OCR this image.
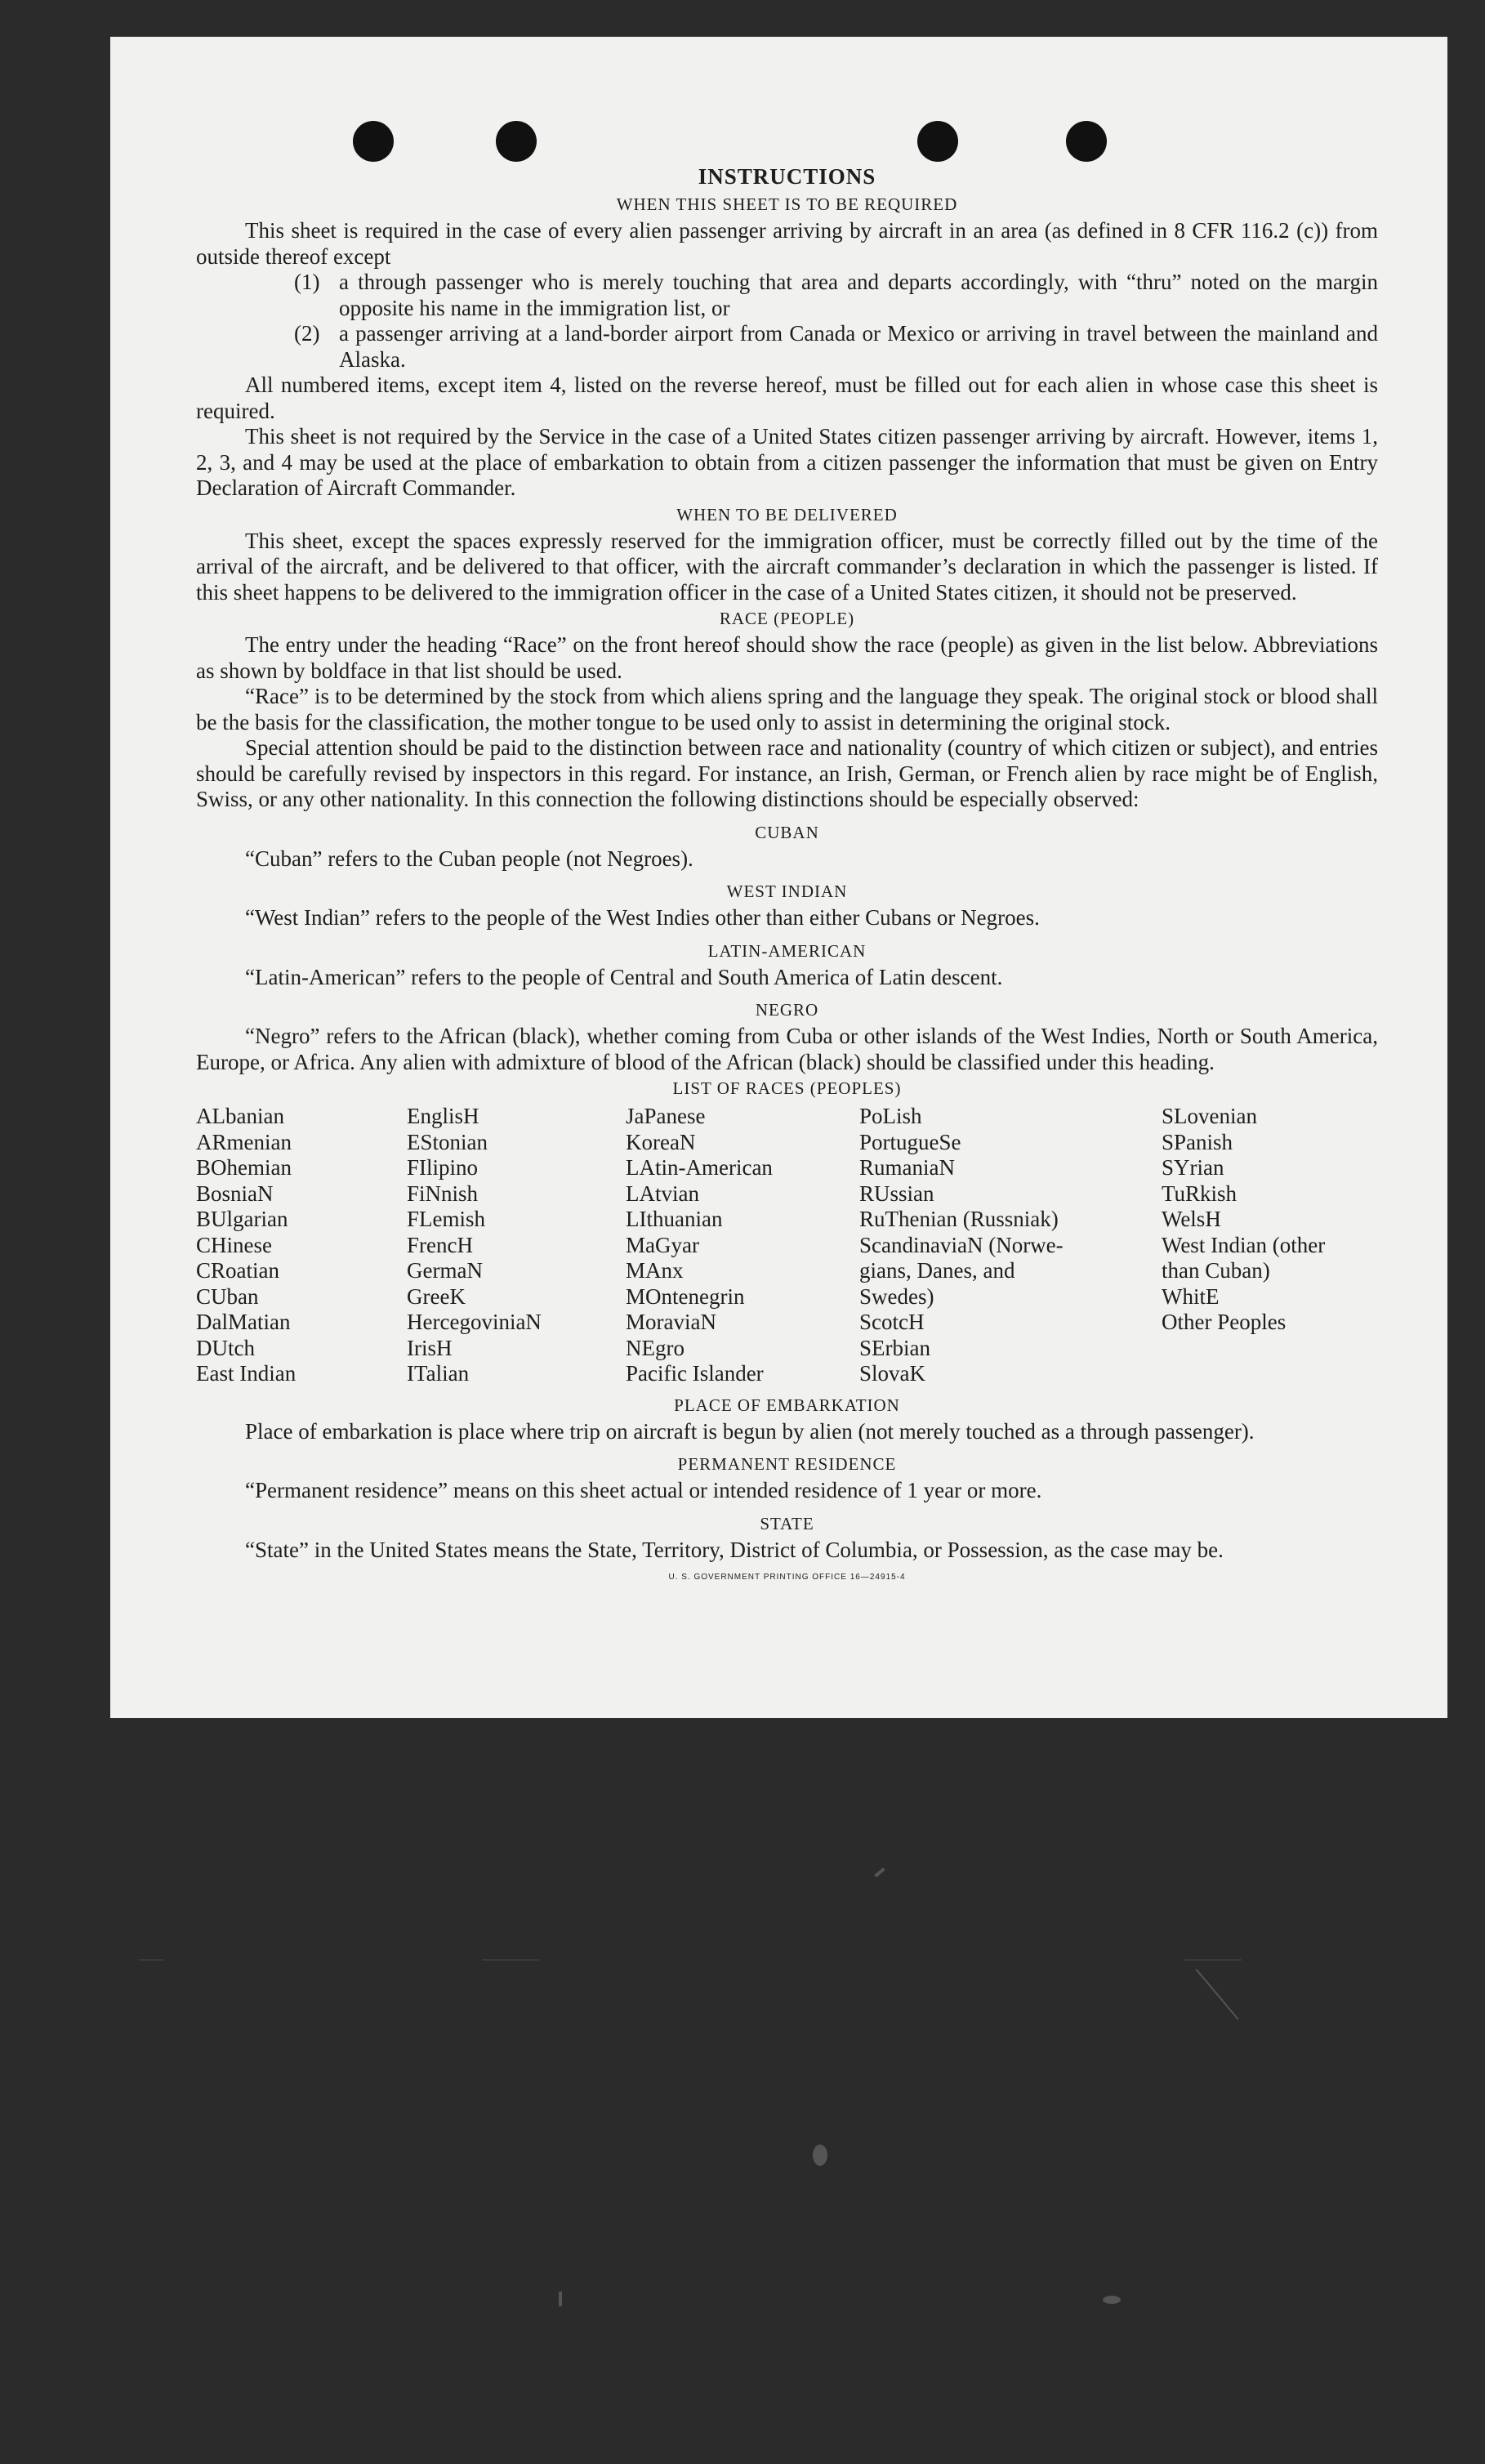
INSTRUCTIONS
WHEN THIS SHEET IS TO BE REQUIRED

This sheet is required in the case of every alien passenger arriving by aircraft in an area (as defined in 8 CFR 116.2 (c)) from outside thereof except

(1) a through passenger who is merely touching that area and departs accordingly, with “thru” noted on the margin opposite his name in the immigration list, or
(2) a passenger arriving at a land-border airport from Canada or Mexico or arriving in travel between the mainland and Alaska.

All numbered items, except item 4, listed on the reverse hereof, must be filled out for each alien in whose case this sheet is required.

This sheet is not required by the Service in the case of a United States citizen passenger arriving by aircraft. However, items 1, 2, 3, and 4 may be used at the place of embarkation to obtain from a citizen passenger the information that must be given on Entry Declaration of Aircraft Commander.

WHEN TO BE DELIVERED

This sheet, except the spaces expressly reserved for the immigration officer, must be correctly filled out by the time of the arrival of the aircraft, and be delivered to that officer, with the aircraft commander’s declaration in which the passenger is listed. If this sheet happens to be delivered to the immigration officer in the case of a United States citizen, it should not be preserved.

RACE (PEOPLE)

The entry under the heading “Race” on the front hereof should show the race (people) as given in the list below. Abbreviations as shown by boldface in that list should be used.

“Race” is to be determined by the stock from which aliens spring and the language they speak. The original stock or blood shall be the basis for the classification, the mother tongue to be used only to assist in determining the original stock.

Special attention should be paid to the distinction between race and nationality (country of which citizen or subject), and entries should be carefully revised by inspectors in this regard. For instance, an Irish, German, or French alien by race might be of English, Swiss, or any other nationality. In this connection the following distinctions should be especially observed:

CUBAN

“Cuban” refers to the Cuban people (not Negroes).

WEST INDIAN

“West Indian” refers to the people of the West Indies other than either Cubans or Negroes.

LATIN-AMERICAN

“Latin-American” refers to the people of Central and South America of Latin descent.

NEGRO

“Negro” refers to the African (black), whether coming from Cuba or other islands of the West Indies, North or South America, Europe, or Africa. Any alien with admixture of blood of the African (black) should be classified under this heading.

LIST OF RACES (PEOPLES)
ALbanian
ARmenian
BOhemian
BosniaN
BUlgarian
CHinese
CRoatian
CUban
DalMatian
DUtch
East Indian
EnglisH
EStonian
FIlipino
FiNnish
FLemish
FrencH
GermaN
GreeK
HercegovinіaN
IrisH
ITalian
JaPanese
KoreaN
LAtin-American
LAtvian
LIthuanian
MaGyar
MAnx
MOntenegrin
MoraviaN
NEgro
Pacific Islander
PoLish
PortugueSe
RumaniaN
RUssian
RuThenian (Russniak)
ScandinaviaN (Norwe-
gians, Danes, and
Swedes)
ScotcH
SErbian
SlovaK
SLovenian
SPanish
SYrian
TuRkish
WelsH
West Indian (other
than Cuban)
WhitE
Other Peoples
PLACE OF EMBARKATION

Place of embarkation is place where trip on aircraft is begun by alien (not merely touched as a through passenger).

PERMANENT RESIDENCE

“Permanent residence” means on this sheet actual or intended residence of 1 year or more.

STATE

“State” in the United States means the State, Territory, District of Columbia, or Possession, as the case may be.

U. S. GOVERNMENT PRINTING OFFICE 16—24915-4
